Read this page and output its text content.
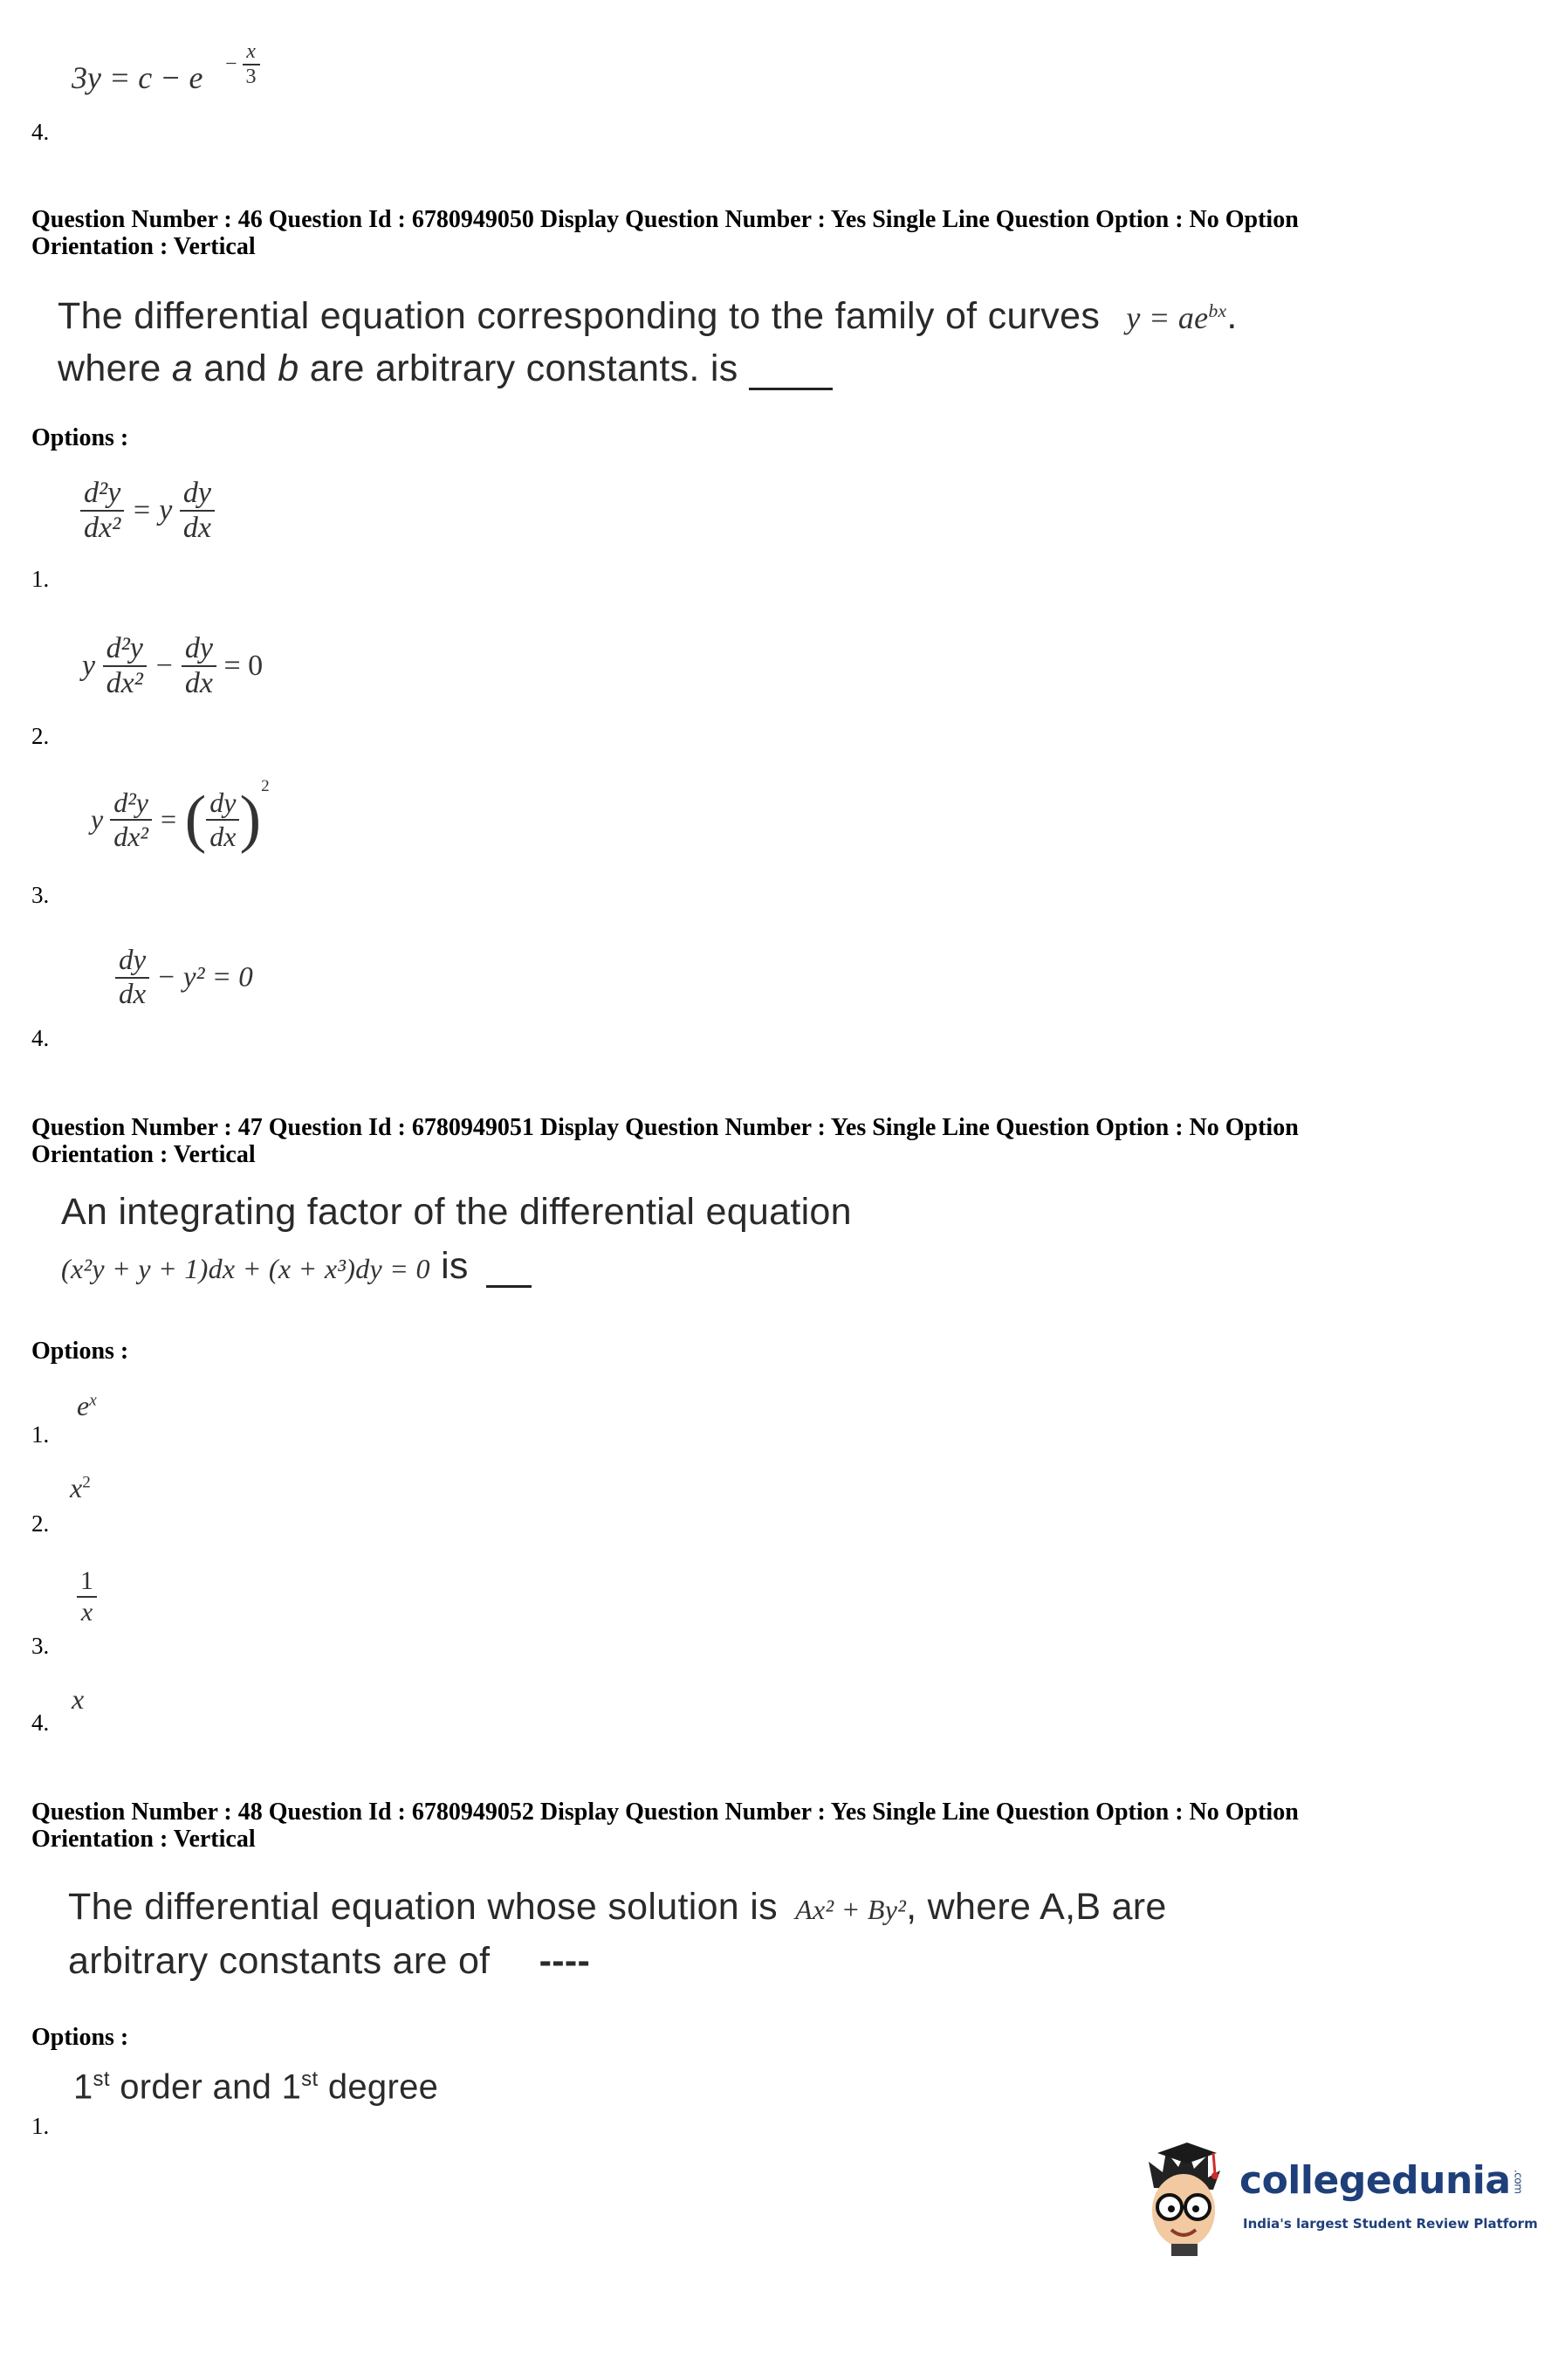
$3y = c - e - \frac{x}{3}$
4.
Question Number : 46 Question Id : 6780949050 Display Question Number : Yes Single Line Question Option : No Option
Orientation : Vertical
The differential equation corresponding to the family of curves $y = ae^{bx}$.
where a and b are arbitrary constants. is
Options :
$\frac{\text{d²y}}{\text{dx²}} = y \frac{dy}{dx}$
1.
y $\frac{\text{d²y}}{\text{dx²}} - \frac{dy}{dx} = 0$
2.
y $\frac{\text{d²y}}{\text{dx²}}$ = ( $\frac{dy}{dx} )^2$
3.
$\frac{dy}{dx} - y^2 = 0$
4.
Question Number : 47 Question Id : 6780949051 Display Question Number : Yes Single Line Question Option : No Option
Orientation : Vertical
An integrating factor of the differential equation
(x²y + y + 1)dx + (x + x³)dy = 0 is
Options :
$e^x$
1.
$x^2$
2.
$\frac{1}{x}$
3.
x
4.
Question Number : 48 Question Id : 6780949052 Display Question Number : Yes Single Line Question Option : No Option
Orientation : Vertical
The differential equation whose solution is Ax² + By², where A,B are
arbitrary constants are of ----
Options :
1st order and 1st degree
1.
collegedunia .com
India's largest Student Review Platform
